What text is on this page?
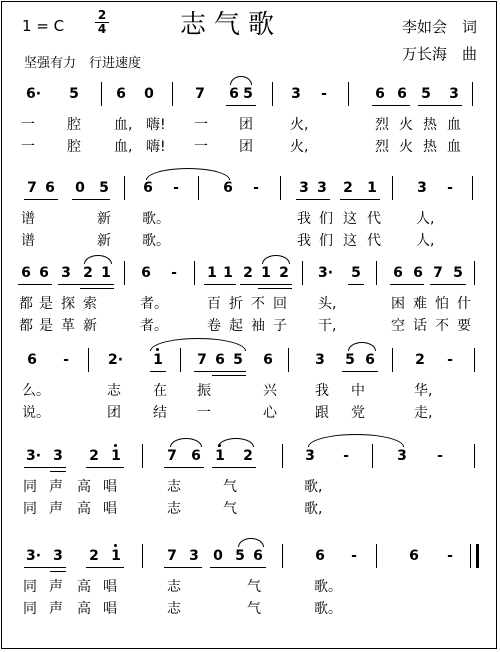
1 = C
2
4	志气歌	李如会　词
万长海　曲
坚强有力　行进速度
6· 5	6 0	7 6 5	3 -	6 6 5 3
一 腔 血, 嗨! 一 团	火,	烈 火 热 血
一 腔 血, 嗨! 一 团	火,	烈 火 热 血
7 6 0 5 6 -	6 -	3 3 2 1	3 -
谱	新 歌。	我 们 这 代	人,
谱	新 歌。	我 们 这 代	人,
6 6 3 2 1 6 - 1 1 2 1 2 3· 5 6 6 7 5
都 是 探 索	者。	百 折 不 回 头,	困 难 怕 什
都 是 革 新	者。	卷 起 袖 子 干,	空 话 不 要
6 -	2· 1 7 6 5 6	3 5 6	2 -
么。	志 在 振	兴	我 中	华,
说。	团 结 一	心	跟 党	走,
3· 3 2 1	7 6 1 2	3 -	3 -
同 声 高 唱	志	气	歌,
同 声 高 唱	志	气	歌,
3· 3 2 1	7 3 0 5 6	6 -	6 -
同 声 高 唱	志	气	歌。
同 声 高 唱	志	气	歌。
